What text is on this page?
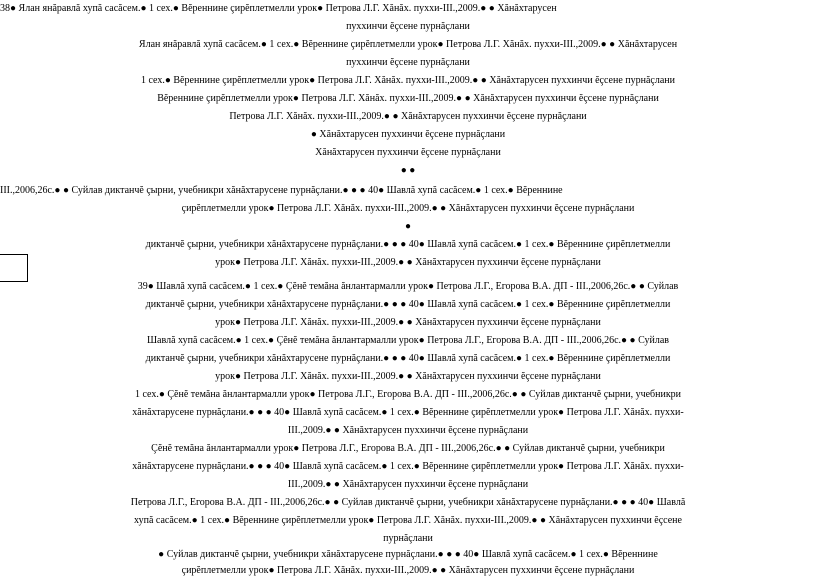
38● Ялан янăравлă хупă сасăсем.● 1 сех.● Вĕреннине çирĕплетмелли урок● Петрова Л.Г. Хăнăх. пуххи-III.,2009.● ● Хăнăхтарусен
пуххинчи ĕçсене пурнăçлани
Ялан янăравлă хупă сасăсем.● 1 сех.● Вĕреннине çирĕплетмелли урок● Петрова Л.Г. Хăнăх. пуххи-III.,2009.● ● Хăнăхтарусен
пуххинчи ĕçсене пурнăçлани
1 сех.● Вĕреннине çирĕплетмелли урок● Петрова Л.Г. Хăнăх. пуххи-III.,2009.● ● Хăнăхтарусен пуххинчи ĕçсене пурнăçлани
Вĕреннине çирĕплетмелли урок● Петрова Л.Г. Хăнăх. пуххи-III.,2009.● ● Хăнăхтарусен пуххинчи ĕçсене пурнăçлани
Петрова Л.Г. Хăнăх. пуххи-III.,2009.● ● Хăнăхтарусен пуххинчи ĕçсене пурнăçлани
● Хăнăхтарусен пуххинчи ĕçсене пурнăçлани
Хăнăхтарусен пуххинчи ĕçсене пурнăçлани
● ●
III.,2006,26с.● ● Суйлав диктанчĕ çырни, учебникри хăнăхтарусене пурнăçлани.● ● ● 40● Шавлă хупă сасăсем.● 1 сех.● Вĕреннине
çирĕплетмелли урок● Петрова Л.Г. Хăнăх. пуххи-III.,2009.● ● Хăнăхтарусен пуххинчи ĕçсене пурнăçлани
●
диктанчĕ çырни, учебникри хăнăхтарусене пурнăçлани.● ● ● 40● Шавлă хупă сасăсем.● 1 сех.● Вĕреннине çирĕплетмелли
урок● Петрова Л.Г. Хăнăх. пуххи-III.,2009.● ● Хăнăхтарусен пуххинчи ĕçсене пурнăçлани
39● Шавлă хупă сасăсем.● 1 сех.● Çĕнĕ темăна ăнлантармалли урок● Петрова Л.Г., Егорова В.А. ДП - III.,2006,26с.● ● Суйлав
диктанчĕ çырни, учебникри хăнăхтарусене пурнăçлани.● ● ● 40● Шавлă хупă сасăсем.● 1 сех.● Вĕреннине çирĕплетмелли
урок● Петрова Л.Г. Хăнăх. пуххи-III.,2009.● ● Хăнăхтарусен пуххинчи ĕçсене пурнăçлани
Шавлă хупă сасăсем.● 1 сех.● Çĕнĕ темăна ăнлантармалли урок● Петрова Л.Г., Егорова В.А. ДП - III.,2006,26с.● ● Суйлав
диктанчĕ çырни, учебникри хăнăхтарусене пурнăçлани.● ● ● 40● Шавлă хупă сасăсем.● 1 сех.● Вĕреннине çирĕплетмелли
урок● Петрова Л.Г. Хăнăх. пуххи-III.,2009.● ● Хăнăхтарусен пуххинчи ĕçсене пурнăçлани
1 сех.● Çĕнĕ темăна ăнлантармалли урок● Петрова Л.Г., Егорова В.А. ДП - III.,2006,26с.● ● Суйлав диктанчĕ çырни, учебникри
хăнăхтарусене пурнăçлани.● ● ● 40● Шавлă хупă сасăсем.● 1 сех.● Вĕреннине çирĕплетмелли урок● Петрова Л.Г. Хăнăх. пуххи-
III.,2009.● ● Хăнăхтарусен пуххинчи ĕçсене пурнăçлани
Çĕнĕ темăна ăнлантармалли урок● Петрова Л.Г., Егорова В.А. ДП - III.,2006,26с.● ● Суйлав диктанчĕ çырни, учебникри
хăнăхтарусене пурнăçлани.● ● ● 40● Шавлă хупă сасăсем.● 1 сех.● Вĕреннине çирĕплетмелли урок● Петрова Л.Г. Хăнăх. пуххи-
III.,2009.● ● Хăнăхтарусен пуххинчи ĕçсене пурнăçлани
Петрова Л.Г., Егорова В.А. ДП - III.,2006,26с.● ● Суйлав диктанчĕ çырни, учебникри хăнăхтарусене пурнăçлани.● ● ● 40● Шавлă
хупă сасăсем.● 1 сех.● Вĕреннине çирĕплетмелли урок● Петрова Л.Г. Хăнăх. пуххи-III.,2009.● ● Хăнăхтарусен пуххинчи ĕçсене
пурнăçлани
● Суйлав диктанчĕ çырни, учебникри хăнăхтарусене пурнăçлани.● ● ● 40● Шавлă хупă сасăсем.● 1 сех.● Вĕреннине
çирĕплетмелли урок● Петрова Л.Г. Хăнăх. пуххи-III.,2009.● ● Хăнăхтарусен пуххинчи ĕçсене пурнăçлани
